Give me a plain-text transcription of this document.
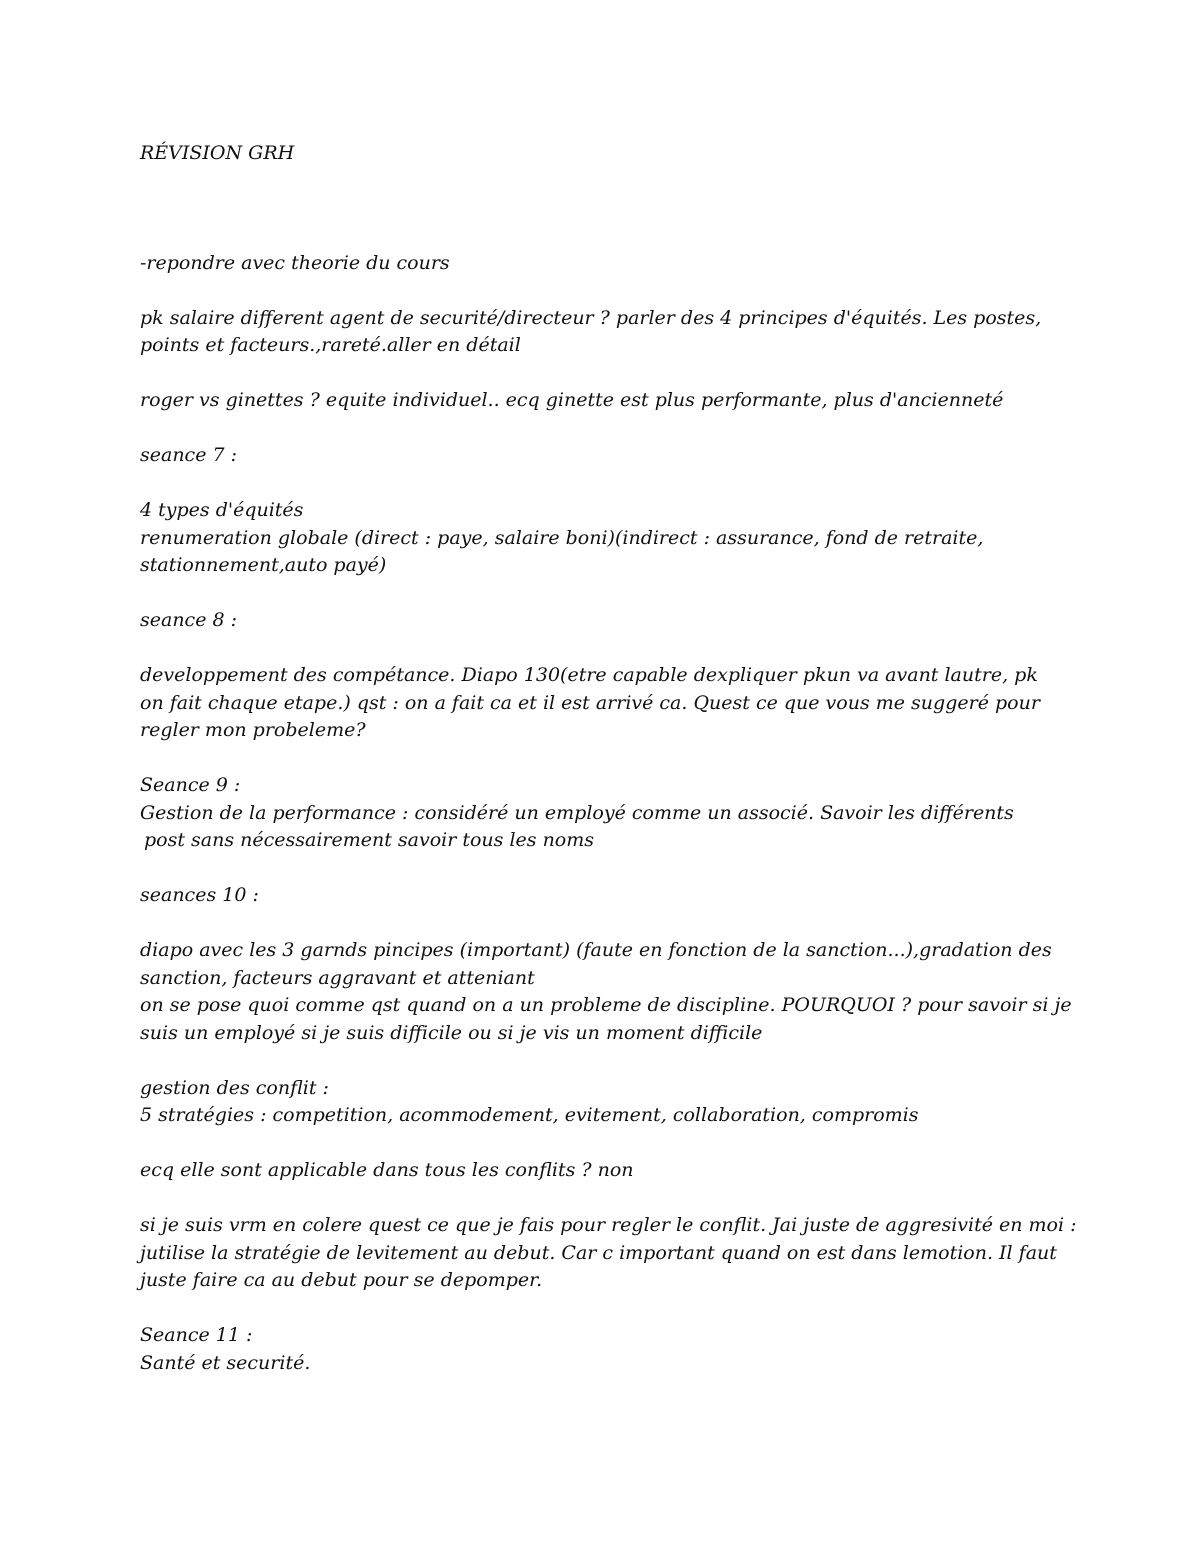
RÉVISION GRH
-repondre avec theorie du cours
pk salaire different agent de securité/directeur ? parler des 4 principes d'équités. Les postes,
points et facteurs.,rareté.aller en détail
roger vs ginettes ? equite individuel.. ecq ginette est plus performante, plus d'ancienneté
seance 7 :
4 types d'équités
renumeration globale (direct : paye, salaire boni)(indirect : assurance, fond de retraite,
stationnement,auto payé)
seance 8 :
developpement des compétance. Diapo 130(etre capable dexpliquer pkun va avant lautre, pk
on fait chaque etape.) qst : on a fait ca et il est arrivé ca. Quest ce que vous me suggeré pour
regler mon probeleme?
Seance 9 :
Gestion de la performance : considéré un employé comme un associé. Savoir les différents
post sans nécessairement savoir tous les noms
seances 10 :
diapo avec les 3 garnds pincipes (important) (faute en fonction de la sanction...),gradation des
sanction, facteurs aggravant et atteniant
on se pose quoi comme qst quand on a un probleme de discipline. POURQUOI ? pour savoir si je
suis un employé si je suis difficile ou si je vis un moment difficile
gestion des conflit :
5 stratégies : competition, acommodement, evitement, collaboration, compromis
ecq elle sont applicable dans tous les conflits ? non
si je suis vrm en colere quest ce que je fais pour regler le conflit. Jai juste de aggresivité en moi :
jutilise la stratégie de levitement au debut. Car c important quand on est dans lemotion. Il faut
juste faire ca au debut pour se depomper.
Seance 11 :
Santé et securité.
